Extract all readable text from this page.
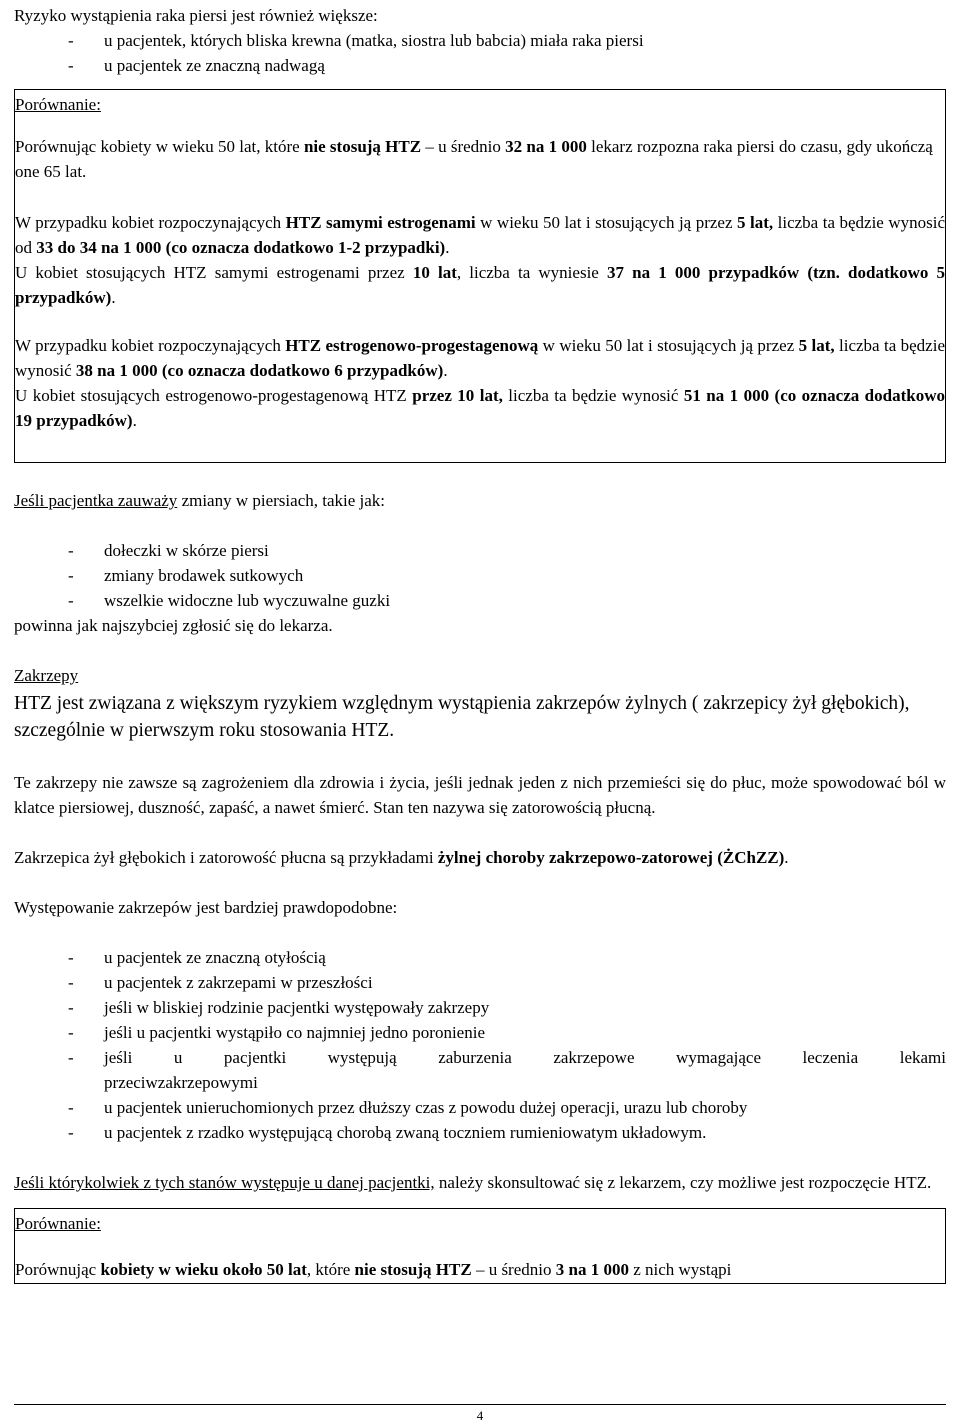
Ryzyko wystąpienia raka piersi jest również większe:

- u pacjentek, których bliska krewna (matka, siostra lub babcia) miała raka piersi
- u pacjentek ze znaczną nadwagą

Porównanie:

Porównując kobiety w wieku 50 lat, które nie stosują HTZ – u średnio 32 na 1 000 lekarz rozpozna raka piersi do czasu, gdy ukończą one 65 lat.

W przypadku kobiet rozpoczynających HTZ samymi estrogenami w wieku 50 lat i stosujących ją przez 5 lat, liczba ta będzie wynosić od 33 do 34 na 1 000 (co oznacza dodatkowo 1-2 przypadki).

U kobiet stosujących HTZ samymi estrogenami przez 10 lat, liczba ta wyniesie 37 na 1 000 przypadków (tzn. dodatkowo 5 przypadków).

W przypadku kobiet rozpoczynających HTZ estrogenowo-progestagenową w wieku 50 lat i stosujących ją przez 5 lat, liczba ta będzie wynosić 38 na 1 000 (co oznacza dodatkowo 6 przypadków).

U kobiet stosujących estrogenowo-progestagenową HTZ przez 10 lat, liczba ta będzie wynosić 51 na 1 000 (co oznacza dodatkowo 19 przypadków).

Jeśli pacjentka zauważy zmiany w piersiach, takie jak:

- dołeczki w skórze piersi
- zmiany brodawek sutkowych
- wszelkie widoczne lub wyczuwalne guzki

powinna jak najszybciej zgłosić się do lekarza.

Zakrzepy

HTZ jest związana z większym ryzykiem względnym wystąpienia zakrzepów żylnych ( zakrzepicy żył głębokich), szczególnie w pierwszym roku stosowania HTZ.

Te zakrzepy nie zawsze są zagrożeniem dla zdrowia i życia, jeśli jednak jeden z nich przemieści się do płuc, może spowodować ból w klatce piersiowej, duszność, zapaść, a nawet śmierć. Stan ten nazywa się zatorowością płucną.

Zakrzepica żył głębokich i zatorowość płucna są przykładami żylnej choroby zakrzepowo-zatorowej (ŻChZZ).

Występowanie zakrzepów jest bardziej prawdopodobne:

- u pacjentek ze znaczną otyłością
- u pacjentek z zakrzepami w przeszłości
- jeśli w bliskiej rodzinie pacjentki występowały zakrzepy
- jeśli u pacjentki wystąpiło co najmniej jedno poronienie
- jeśli u pacjentki występują zaburzenia zakrzepowe wymagające leczenia lekami
przeciwzakrzepowymi
- u pacjentek unieruchomionych przez dłuższy czas z powodu dużej operacji, urazu lub choroby
- u pacjentek z rzadko występującą chorobą zwaną toczniem rumieniowatym układowym.

Jeśli którykolwiek z tych stanów występuje u danej pacjentki, należy skonsultować się z lekarzem, czy możliwe jest rozpoczęcie HTZ.

Porównanie:

Porównując kobiety w wieku około 50 lat, które nie stosują HTZ – u średnio 3 na 1 000 z nich wystąpi

4
